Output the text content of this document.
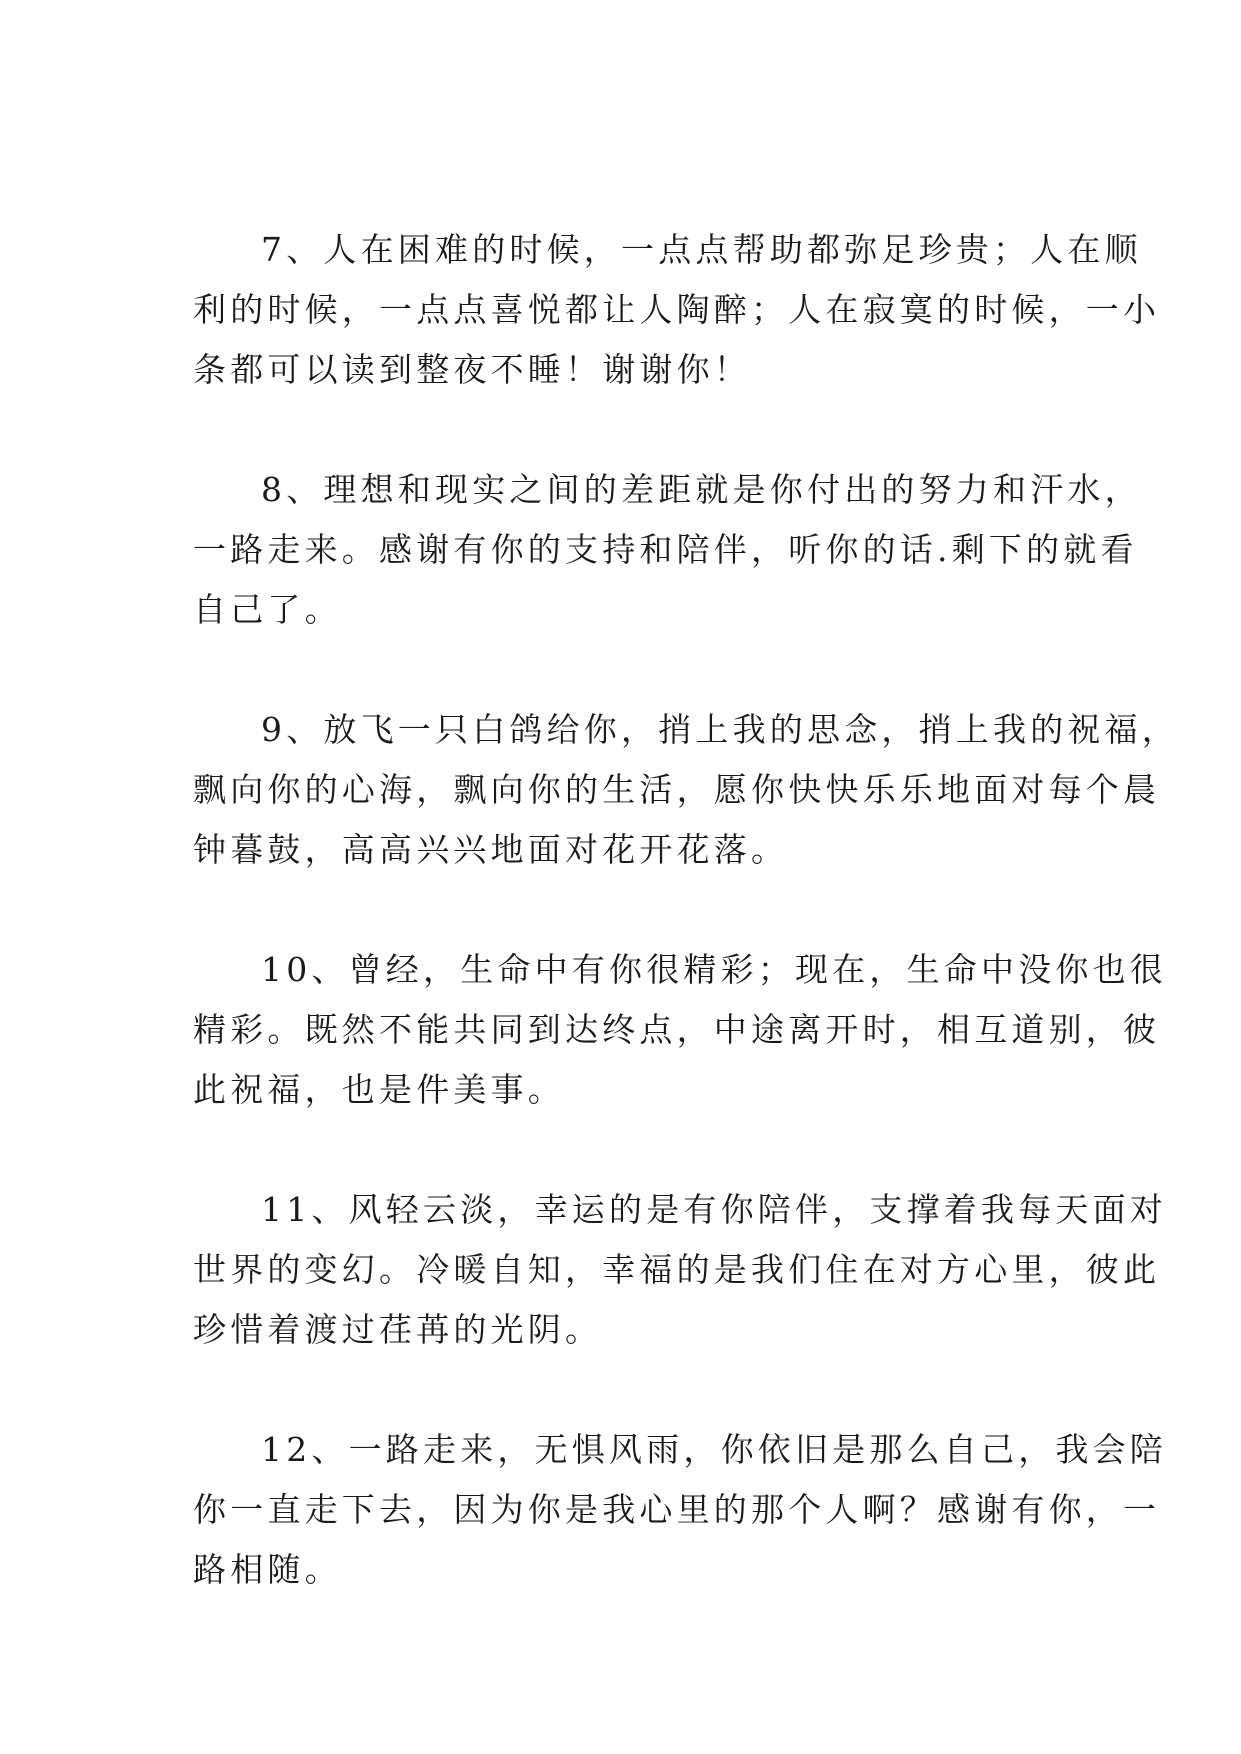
7、人在困难的时候，一点点帮助都弥足珍贵；人在顺
利的时候，一点点喜悦都让人陶醉；人在寂寞的时候，一小
条都可以读到整夜不睡！谢谢你！
8、理想和现实之间的差距就是你付出的努力和汗水，
一路走来。感谢有你的支持和陪伴，听你的话.剩下的就看
自己了。
9、放飞一只白鸽给你，捎上我的思念，捎上我的祝福，
飘向你的心海，飘向你的生活，愿你快快乐乐地面对每个晨
钟暮鼓，高高兴兴地面对花开花落。
10、曾经，生命中有你很精彩；现在，生命中没你也很
精彩。既然不能共同到达终点，中途离开时，相互道别，彼
此祝福，也是件美事。
11、风轻云淡，幸运的是有你陪伴，支撑着我每天面对
世界的变幻。冷暖自知，幸福的是我们住在对方心里，彼此
珍惜着渡过荏苒的光阴。
12、一路走来，无惧风雨，你依旧是那么自己，我会陪
你一直走下去，因为你是我心里的那个人啊？感谢有你，一
路相随。
